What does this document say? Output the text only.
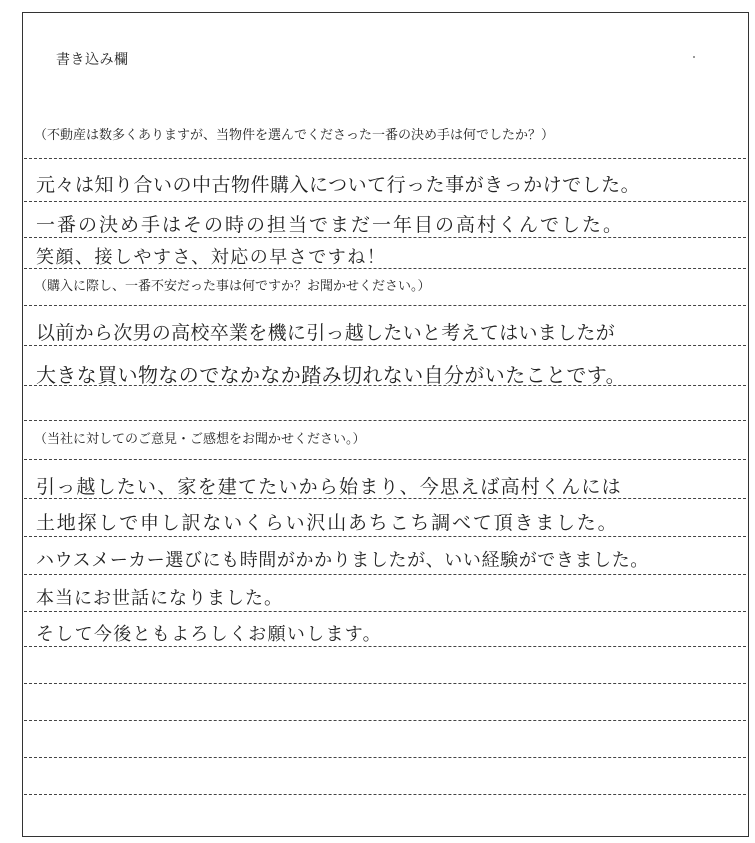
書き込み欄
（不動産は数多くありますが、当物件を選んでくださった一番の決め手は何でしたか？）
元々は知り合いの中古物件購入について行った事がきっかけでした。
一番の決め手はその時の担当でまだ一年目の高村くんでした。
笑顔、接しやすさ、対応の早さですね！
（購入に際し、一番不安だった事は何ですか？お聞かせください。）
以前から次男の高校卒業を機に引っ越したいと考えてはいましたが
大きな買い物なのでなかなか踏み切れない自分がいたことです。
（当社に対してのご意見・ご感想をお聞かせください。）
引っ越したい、家を建てたいから始まり、今思えば高村くんには
土地探しで申し訳ないくらい沢山あちこち調べて頂きました。
ハウスメーカー選びにも時間がかかりましたが、いい経験ができました。
本当にお世話になりました。
そして今後ともよろしくお願いします。
